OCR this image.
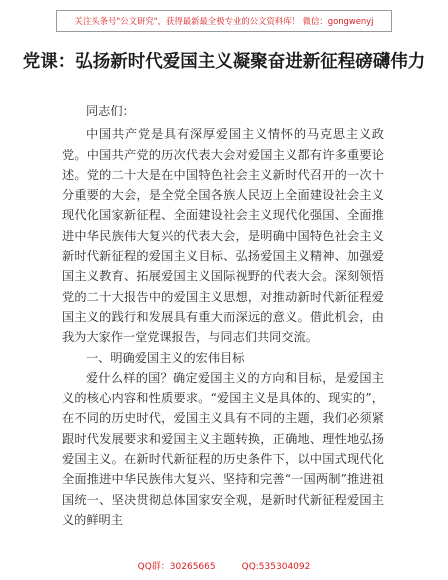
关注头条号"公文研究"，获得最新最全极专业的公文资料库！ 微信：gongwenyj
党课：弘扬新时代爱国主义凝聚奋进新征程磅礴伟力

同志们：

中国共产党是具有深厚爱国主义情怀的马克思主义政党。中国共产党的历次代表大会对爱国主义都有许多重要论述。党的二十大是在中国特色社会主义新时代召开的一次十分重要的大会，是全党全国各族人民迈上全面建设社会主义现代化国家新征程、全面建设社会主义现代化强国、全面推进中华民族伟大复兴的代表大会，是明确中国特色社会主义新时代新征程的爱国主义目标、弘扬爱国主义精神、加强爱国主义教育、拓展爱国主义国际视野的代表大会。深刻领悟党的二十大报告中的爱国主义思想，对推动新时代新征程爱国主义的践行和发展具有重大而深远的意义。借此机会，由我为大家作一堂党课报告，与同志们共同交流。

一、明确爱国主义的宏伟目标

爱什么样的国？确定爱国主义的方向和目标，是爱国主义的核心内容和性质要求。“爱国主义是具体的、现实的”，在不同的历史时代，爱国主义具有不同的主题，我们必须紧跟时代发展要求和爱国主义主题转换，正确地、理性地弘扬爱国主义。在新时代新征程的历史条件下，以中国式现代化全面推进中华民族伟大复兴、坚持和完善“一国两制”推进祖国统一、坚决贯彻总体国家安全观，是新时代新征程爱国主义的鲜明主

QQ群：30265665	QQ:535304092
